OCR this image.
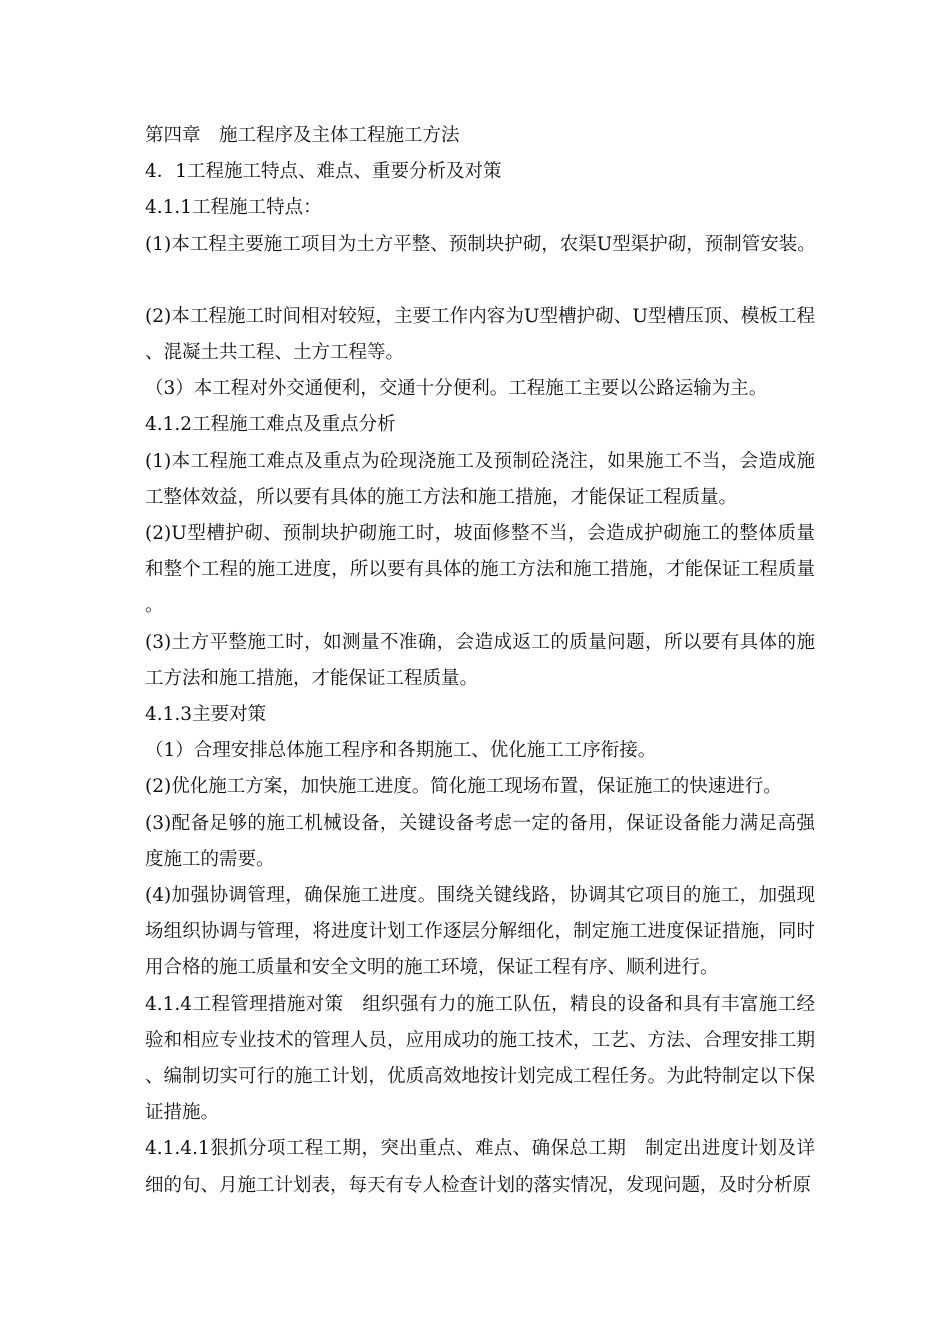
第四章　施工程序及主体工程施工方法

4．1工程施工特点、难点、重要分析及对策

4.1.1工程施工特点：

(1)本工程主要施工项目为土方平整、预制块护砌，农渠U型渠护砌，预制管安装。

(2)本工程施工时间相对较短，主要工作内容为U型槽护砌、U型槽压顶、模板工程、混凝土共工程、土方工程等。

（3）本工程对外交通便利，交通十分便利。工程施工主要以公路运输为主。

4.1.2工程施工难点及重点分析

(1)本工程施工难点及重点为砼现浇施工及预制砼浇注，如果施工不当，会造成施工整体效益，所以要有具体的施工方法和施工措施，才能保证工程质量。

(2)U型槽护砌、预制块护砌施工时，坡面修整不当，会造成护砌施工的整体质量和整个工程的施工进度，所以要有具体的施工方法和施工措施，才能保证工程质量。

(3)土方平整施工时，如测量不准确，会造成返工的质量问题，所以要有具体的施工方法和施工措施，才能保证工程质量。

4.1.3主要对策

（1）合理安排总体施工程序和各期施工、优化施工工序衔接。

(2)优化施工方案，加快施工进度。简化施工现场布置，保证施工的快速进行。

(3)配备足够的施工机械设备，关键设备考虑一定的备用，保证设备能力满足高强度施工的需要。

(4)加强协调管理，确保施工进度。围绕关键线路，协调其它项目的施工，加强现场组织协调与管理，将进度计划工作逐层分解细化，制定施工进度保证措施，同时用合格的施工质量和安全文明的施工环境，保证工程有序、顺利进行。

4.1.4工程管理措施对策　组织强有力的施工队伍，精良的设备和具有丰富施工经验和相应专业技术的管理人员，应用成功的施工技术，工艺、方法、合理安排工期、编制切实可行的施工计划，优质高效地按计划完成工程任务。为此特制定以下保证措施。

4.1.4.1狠抓分项工程工期，突出重点、难点、确保总工期　制定出进度计划及详细的旬、月施工计划表，每天有专人检查计划的落实情况，发现问题，及时分析原
